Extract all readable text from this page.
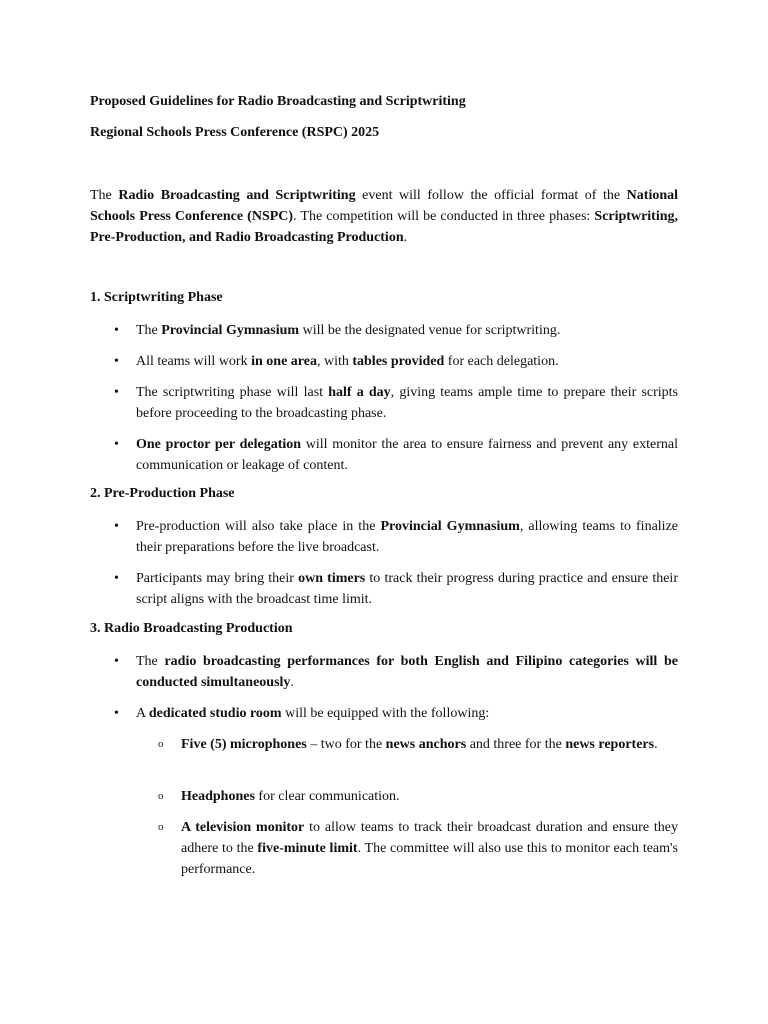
Proposed Guidelines for Radio Broadcasting and Scriptwriting
Regional Schools Press Conference (RSPC) 2025
The Radio Broadcasting and Scriptwriting event will follow the official format of the National Schools Press Conference (NSPC). The competition will be conducted in three phases: Scriptwriting, Pre-Production, and Radio Broadcasting Production.
1. Scriptwriting Phase
• The Provincial Gymnasium will be the designated venue for scriptwriting.
• All teams will work in one area, with tables provided for each delegation.
• The scriptwriting phase will last half a day, giving teams ample time to prepare their scripts before proceeding to the broadcasting phase.
• One proctor per delegation will monitor the area to ensure fairness and prevent any external communication or leakage of content.
2. Pre-Production Phase
• Pre-production will also take place in the Provincial Gymnasium, allowing teams to finalize their preparations before the live broadcast.
• Participants may bring their own timers to track their progress during practice and ensure their script aligns with the broadcast time limit.
3. Radio Broadcasting Production
• The radio broadcasting performances for both English and Filipino categories will be conducted simultaneously.
• A dedicated studio room will be equipped with the following:
o Five (5) microphones – two for the news anchors and three for the news reporters.
o Headphones for clear communication.
o A television monitor to allow teams to track their broadcast duration and ensure they adhere to the five-minute limit. The committee will also use this to monitor each team's performance.
